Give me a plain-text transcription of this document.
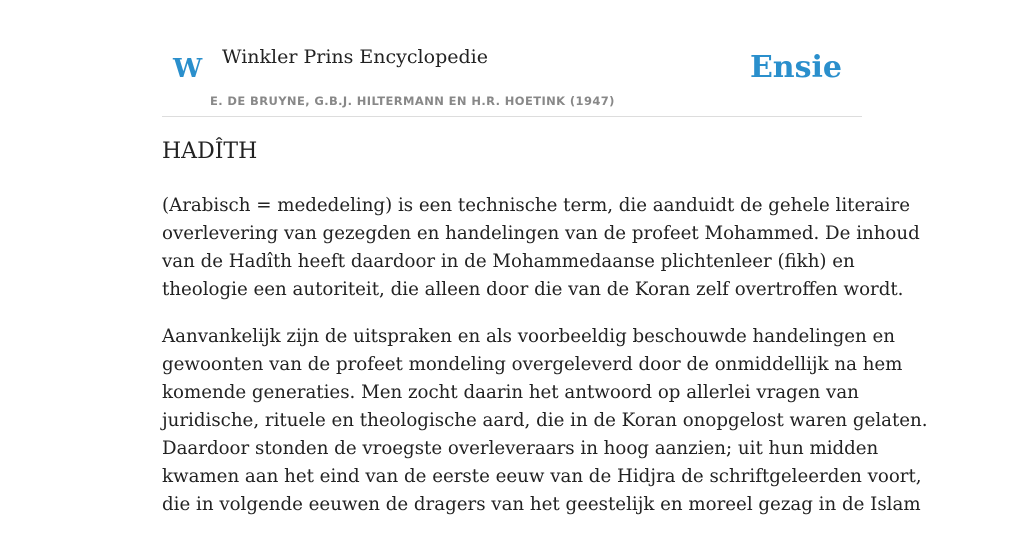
W Winkler Prins Encyclopedie
E. DE BRUYNE, G.B.J. HILTERMANN EN H.R. HOETINK (1947)
Ensie
HADÎTH

(Arabisch = mededeling) is een technische term, die aanduidt de gehele literaire
overlevering van gezegden en handelingen van de profeet Mohammed. De inhoud
van de Hadîth heeft daardoor in de Mohammedaanse plichtenleer (fikh) en
theologie een autoriteit, die alleen door die van de Koran zelf overtroffen wordt.

Aanvankelijk zijn de uitspraken en als voorbeeldig beschouwde handelingen en
gewoonten van de profeet mondeling overgeleverd door de onmiddellijk na hem
komende generaties. Men zocht daarin het antwoord op allerlei vragen van
juridische, rituele en theologische aard, die in de Koran onopgelost waren gelaten.
Daardoor stonden de vroegste overleveraars in hoog aanzien; uit hun midden
kwamen aan het eind van de eerste eeuw van de Hidjra de schriftgeleerden voort,
die in volgende eeuwen de dragers van het geestelijk en moreel gezag in de Islam
